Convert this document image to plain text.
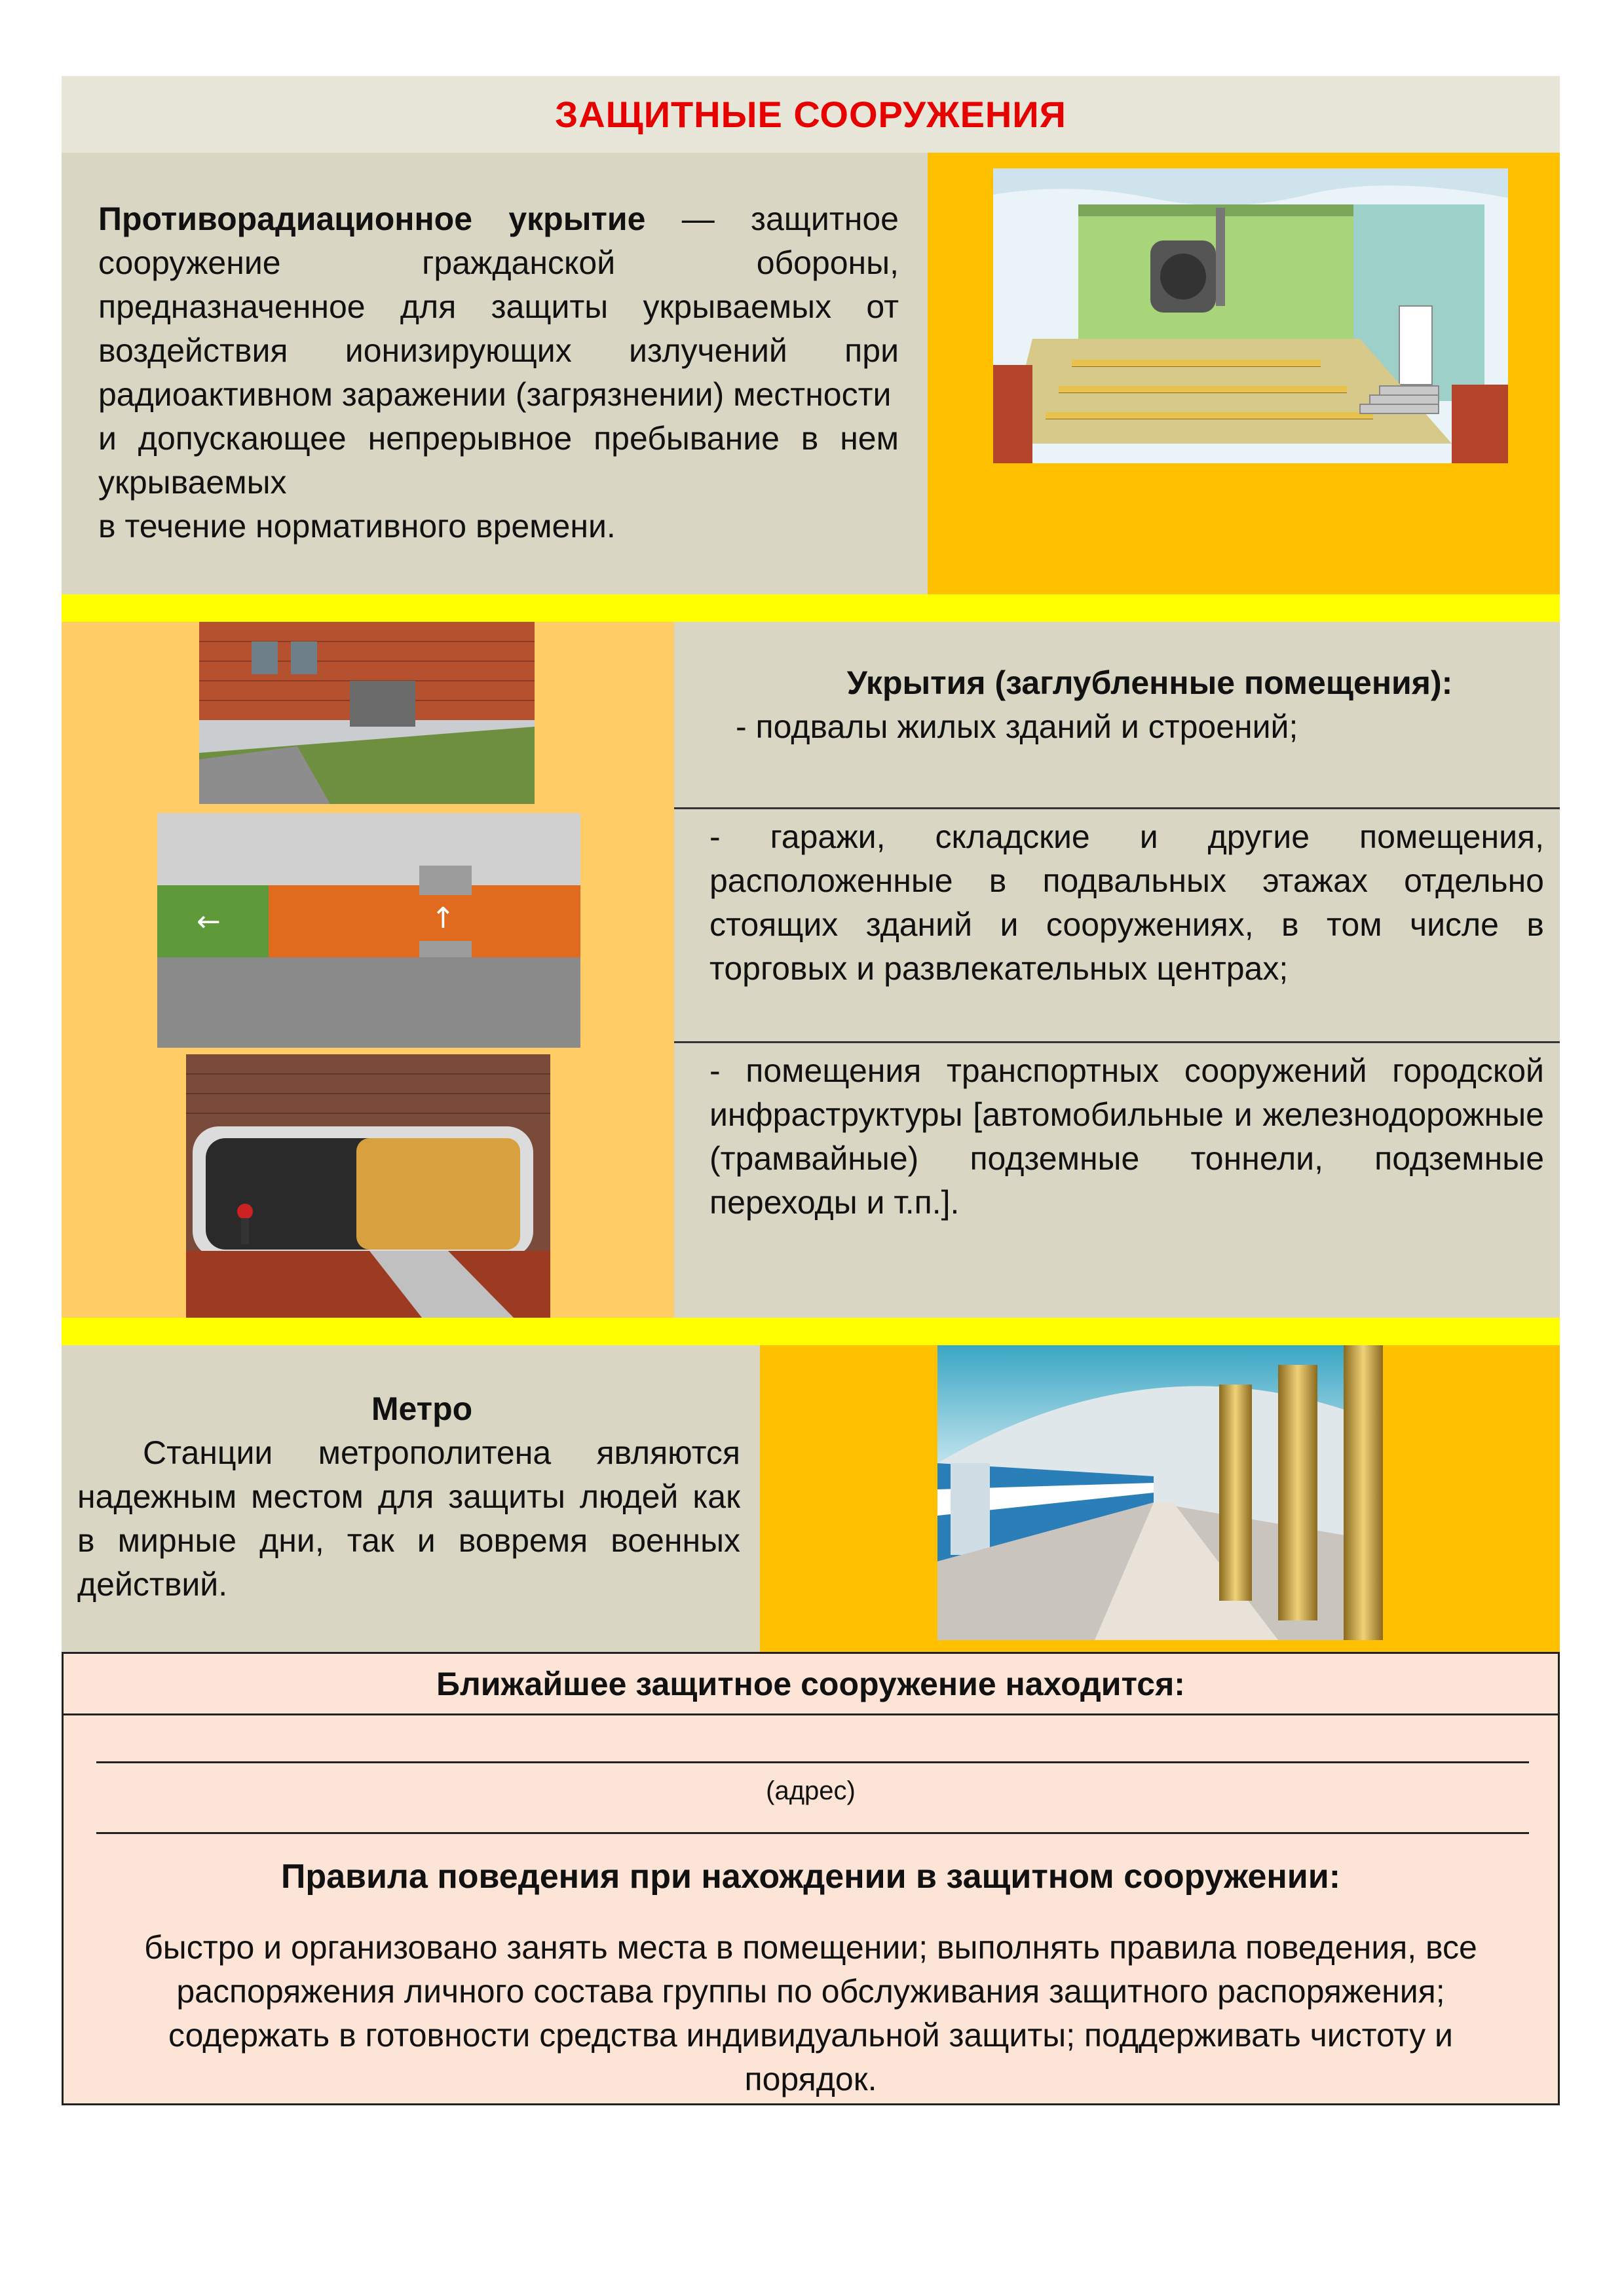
ЗАЩИТНЫЕ СООРУЖЕНИЯ
Противорадиационное укрытие — защитное сооружение гражданской обороны, предназначенное для защиты укрываемых от воздействия ионизирующих излучений при радиоактивном заражении (загрязнении) местности
и допускающее непрерывное пребывание в нем укрываемых
в течение нормативного времени.
←	↑
Укрытия (заглубленные помещения):
- подвалы жилых зданий и строений;
- гаражи, складские и другие помещения, расположенные в подвальных этажах отдельно стоящих зданий и сооружениях, в том числе в торговых и развлекательных центрах;
- помещения транспортных сооружений городской инфраструктуры [автомобильные и железнодорожные (трамвайные) подземные тоннели, подземные переходы и т.п.].
Метро
Станции метрополитена являются надежным местом для защиты людей как в мирные дни, так и вовремя военных действий.
Ближайшее защитное сооружение находится:
(адрес)
Правила поведения при нахождении в защитном сооружении:
быстро и организовано занять места в помещении; выполнять правила поведения, все распоряжения личного состава группы по обслуживания защитного распоряжения; содержать в готовности средства индивидуальной защиты; поддерживать чистоту и порядок.
